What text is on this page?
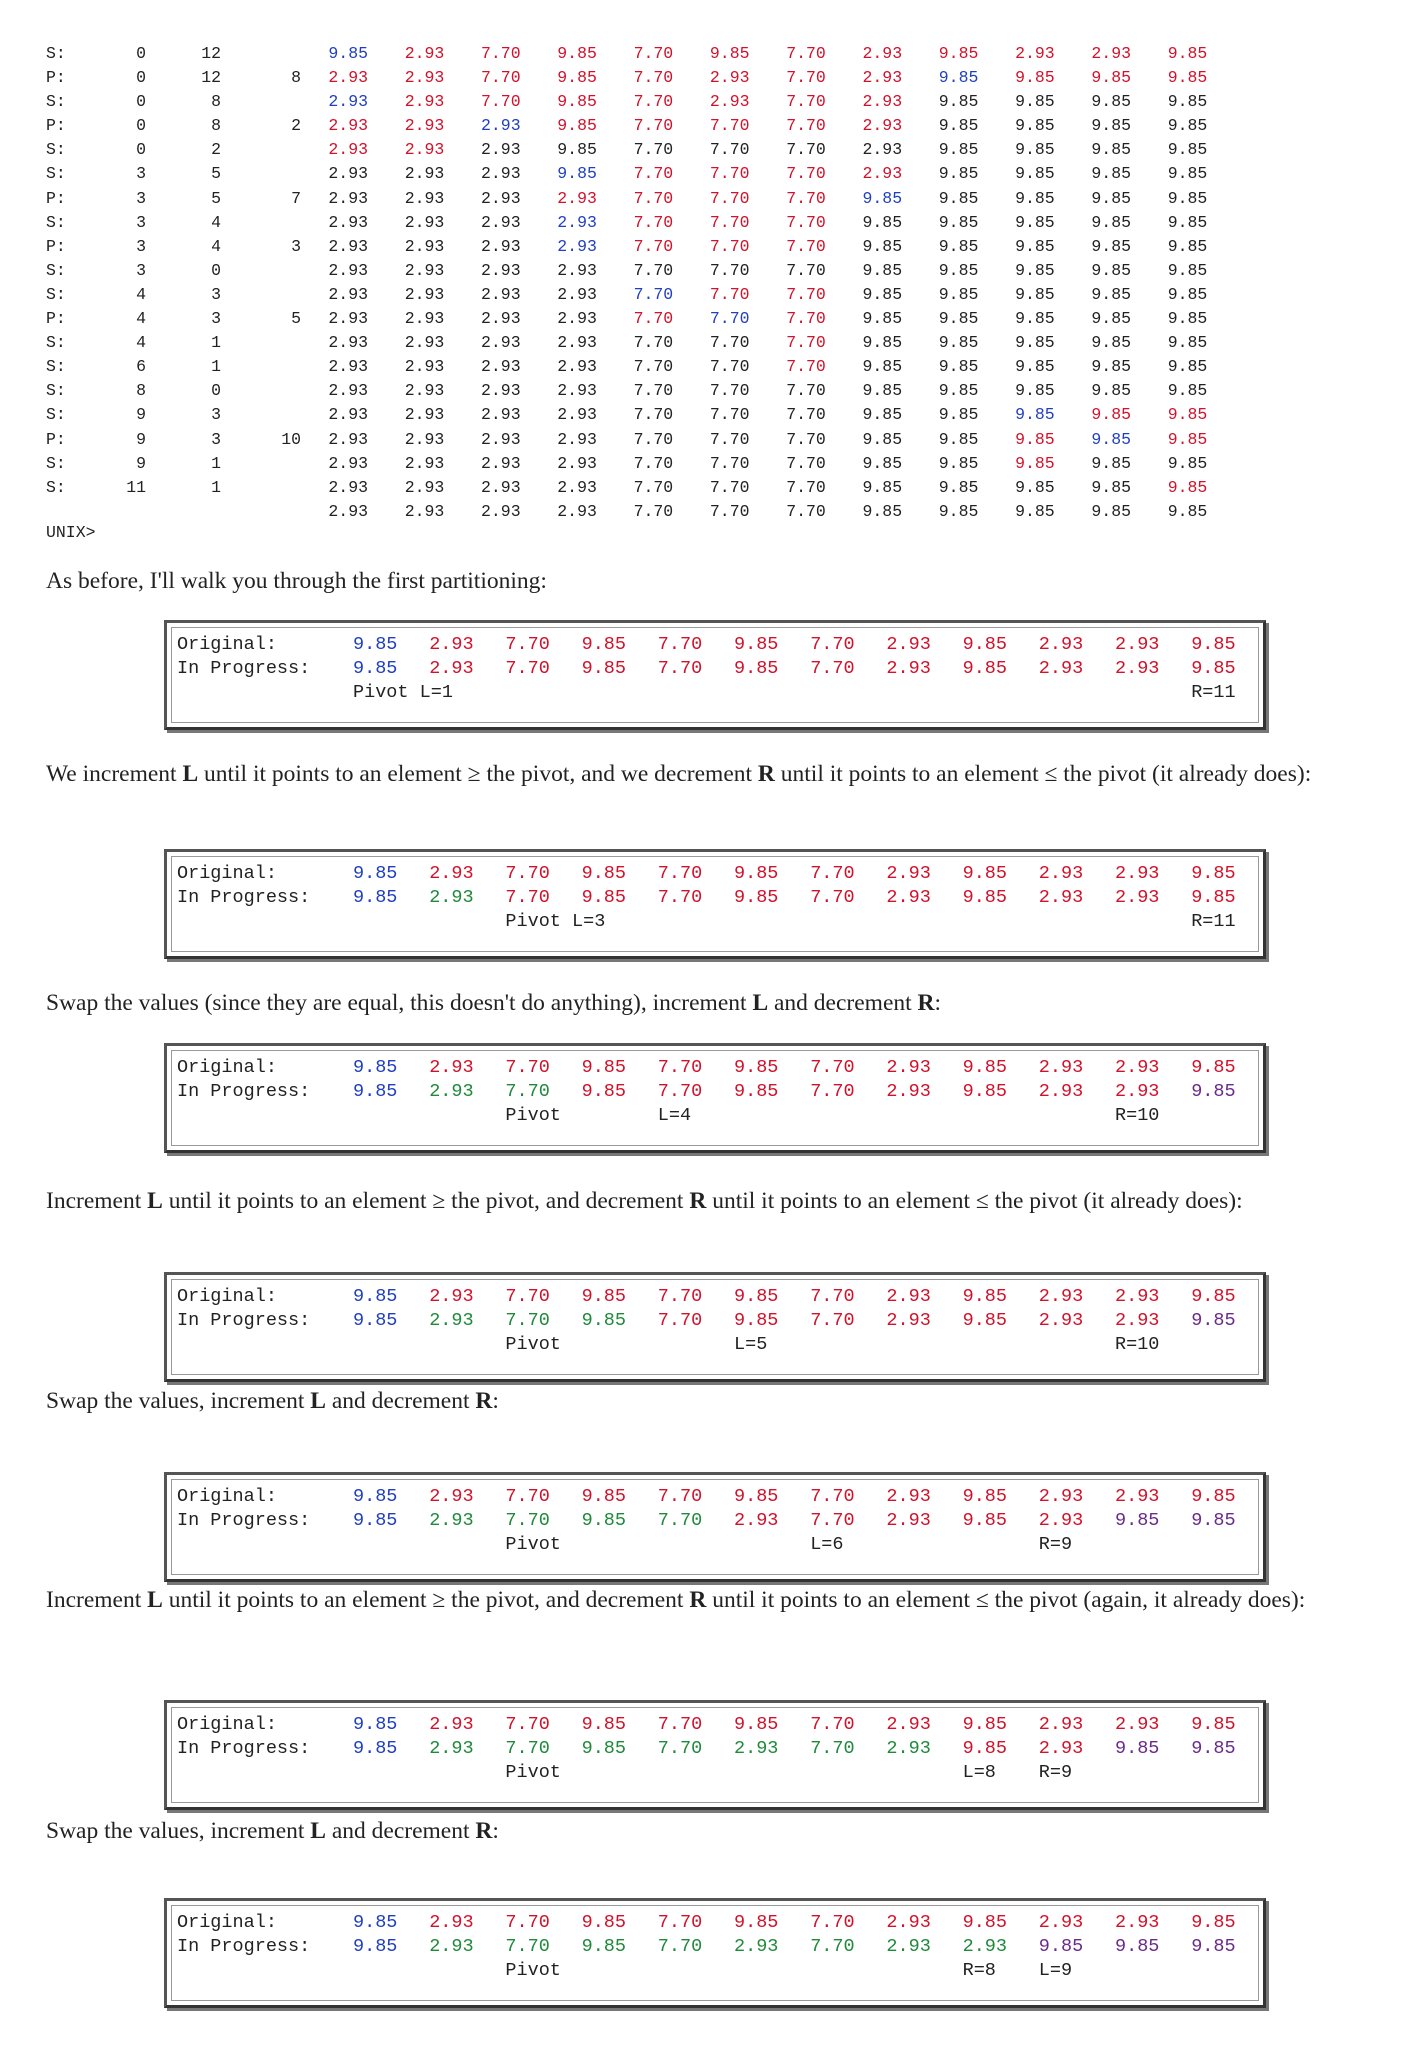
S:	0	12	9.85	2.93	7.70	9.85	7.70	9.85	7.70	2.93	9.85	2.93	2.93	9.85
P:	0	12	8	2.93	2.93	7.70	9.85	7.70	2.93	7.70	2.93	9.85	9.85	9.85	9.85
S:	0	8	2.93	2.93	7.70	9.85	7.70	2.93	7.70	2.93	9.85	9.85	9.85	9.85
P:	0	8	2	2.93	2.93	2.93	9.85	7.70	7.70	7.70	2.93	9.85	9.85	9.85	9.85
S:	0	2	2.93	2.93	2.93	9.85	7.70	7.70	7.70	2.93	9.85	9.85	9.85	9.85
S:	3	5	2.93	2.93	2.93	9.85	7.70	7.70	7.70	2.93	9.85	9.85	9.85	9.85
P:	3	5	7	2.93	2.93	2.93	2.93	7.70	7.70	7.70	9.85	9.85	9.85	9.85	9.85
S:	3	4	2.93	2.93	2.93	2.93	7.70	7.70	7.70	9.85	9.85	9.85	9.85	9.85
P:	3	4	3	2.93	2.93	2.93	2.93	7.70	7.70	7.70	9.85	9.85	9.85	9.85	9.85
S:	3	0	2.93	2.93	2.93	2.93	7.70	7.70	7.70	9.85	9.85	9.85	9.85	9.85
S:	4	3	2.93	2.93	2.93	2.93	7.70	7.70	7.70	9.85	9.85	9.85	9.85	9.85
P:	4	3	5	2.93	2.93	2.93	2.93	7.70	7.70	7.70	9.85	9.85	9.85	9.85	9.85
S:	4	1	2.93	2.93	2.93	2.93	7.70	7.70	7.70	9.85	9.85	9.85	9.85	9.85
S:	6	1	2.93	2.93	2.93	2.93	7.70	7.70	7.70	9.85	9.85	9.85	9.85	9.85
S:	8	0	2.93	2.93	2.93	2.93	7.70	7.70	7.70	9.85	9.85	9.85	9.85	9.85
S:	9	3	2.93	2.93	2.93	2.93	7.70	7.70	7.70	9.85	9.85	9.85	9.85	9.85
P:	9	3	10	2.93	2.93	2.93	2.93	7.70	7.70	7.70	9.85	9.85	9.85	9.85	9.85
S:	9	1	2.93	2.93	2.93	2.93	7.70	7.70	7.70	9.85	9.85	9.85	9.85	9.85
S:	11	1	2.93	2.93	2.93	2.93	7.70	7.70	7.70	9.85	9.85	9.85	9.85	9.85
2.93	2.93	2.93	2.93	7.70	7.70	7.70	9.85	9.85	9.85	9.85	9.85
UNIX>
As before, I'll walk you through the first partitioning:
Original:	9.85 2.93 7.70 9.85 7.70 9.85 7.70 2.93 9.85 2.93 2.93 9.85
In Progress: 9.85 2.93 7.70 9.85 7.70 9.85 7.70 2.93 9.85 2.93 2.93 9.85
Pivot L=1	R=11
We increment L until it points to an element ≥ the pivot, and we decrement R until it points to an element ≤ the pivot (it already does):
Original:	9.85 2.93 7.70 9.85 7.70 9.85 7.70 2.93 9.85 2.93 2.93 9.85
In Progress: 9.85 2.93 7.70 9.85 7.70 9.85 7.70 2.93 9.85 2.93 2.93 9.85
Pivot L=3	R=11
Swap the values (since they are equal, this doesn't do anything), increment L and decrement R:
Original:	9.85 2.93 7.70 9.85 7.70 9.85 7.70 2.93 9.85 2.93 2.93 9.85
In Progress: 9.85 2.93 7.70 9.85 7.70 9.85 7.70 2.93 9.85 2.93 2.93 9.85
Pivot	L=4	R=10
Increment L until it points to an element ≥ the pivot, and decrement R until it points to an element ≤ the pivot (it already does):
Original:	9.85 2.93 7.70 9.85 7.70 9.85 7.70 2.93 9.85 2.93 2.93 9.85
In Progress: 9.85 2.93 7.70 9.85 7.70 9.85 7.70 2.93 9.85 2.93 2.93 9.85
Pivot	L=5	R=10
Swap the values, increment L and decrement R:
Original:	9.85 2.93 7.70 9.85 7.70 9.85 7.70 2.93 9.85 2.93 2.93 9.85
In Progress: 9.85 2.93 7.70 9.85 7.70 2.93 7.70 2.93 9.85 2.93 9.85 9.85
Pivot	L=6	R=9
Increment L until it points to an element ≥ the pivot, and decrement R until it points to an element ≤ the pivot (again, it already does):
Original:	9.85 2.93 7.70 9.85 7.70 9.85 7.70 2.93 9.85 2.93 2.93 9.85
In Progress: 9.85 2.93 7.70 9.85 7.70 2.93 7.70 2.93 9.85 2.93 9.85 9.85
L=8 R=9
Pivot
Swap the values, increment L and decrement R:
Original:	9.85 2.93 7.70 9.85 7.70 9.85 7.70 2.93 9.85 2.93 2.93 9.85
In Progress: 9.85 2.93 7.70 9.85 7.70 2.93 7.70 2.93 2.93 9.85 9.85 9.85
Pivot	R=8 L=9
